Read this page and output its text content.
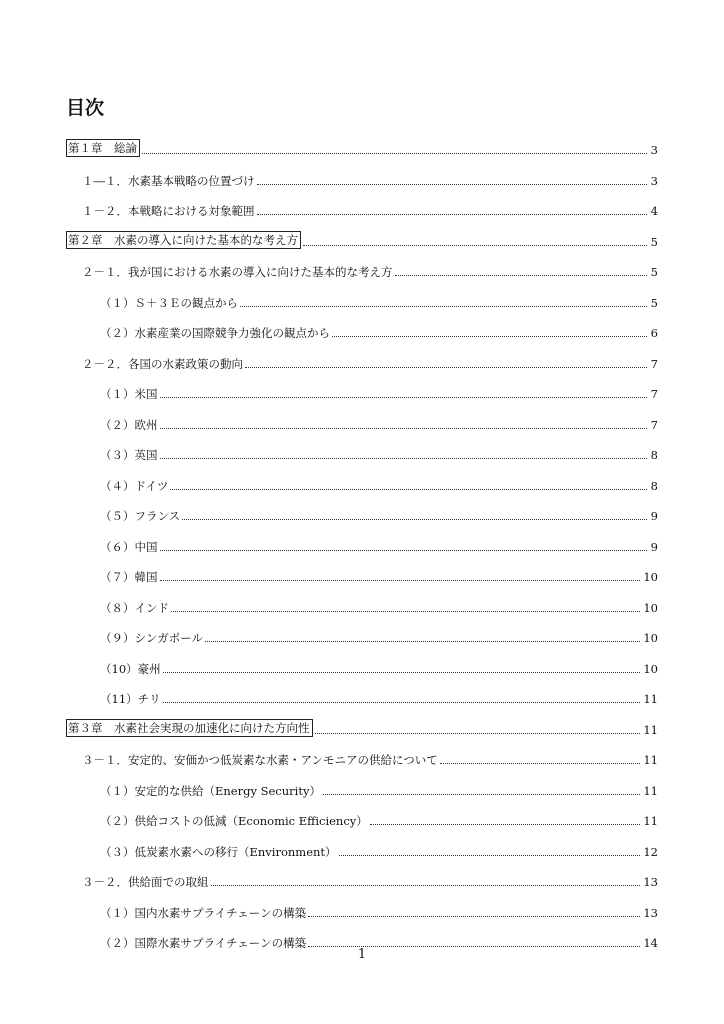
目次
第１章　総論	3
１―１．水素基本戦略の位置づけ	3
１－２．本戦略における対象範囲	4
第２章　水素の導入に向けた基本的な考え方	5
２－１．我が国における水素の導入に向けた基本的な考え方	5
（１）Ｓ＋３Ｅの観点から	5
（２）水素産業の国際競争力強化の観点から	6
２－２．各国の水素政策の動向	7
（１）米国	7
（２）欧州	7
（３）英国	8
（４）ドイツ	8
（５）フランス	9
（６）中国	9
（７）韓国	10
（８）インド	10
（９）シンガポール	10
（10）豪州	10
（11）チリ	11
第３章　水素社会実現の加速化に向けた方向性	11
３－１．安定的、安価かつ低炭素な水素・アンモニアの供給について	11
（１）安定的な供給（Energy Security）	11
（２）供給コストの低減（Economic Efficiency）	11
（３）低炭素水素への移行（Environment）	12
３－２．供給面での取組	13
（１）国内水素サプライチェーンの構築	13
（２）国際水素サプライチェーンの構築	14
1
